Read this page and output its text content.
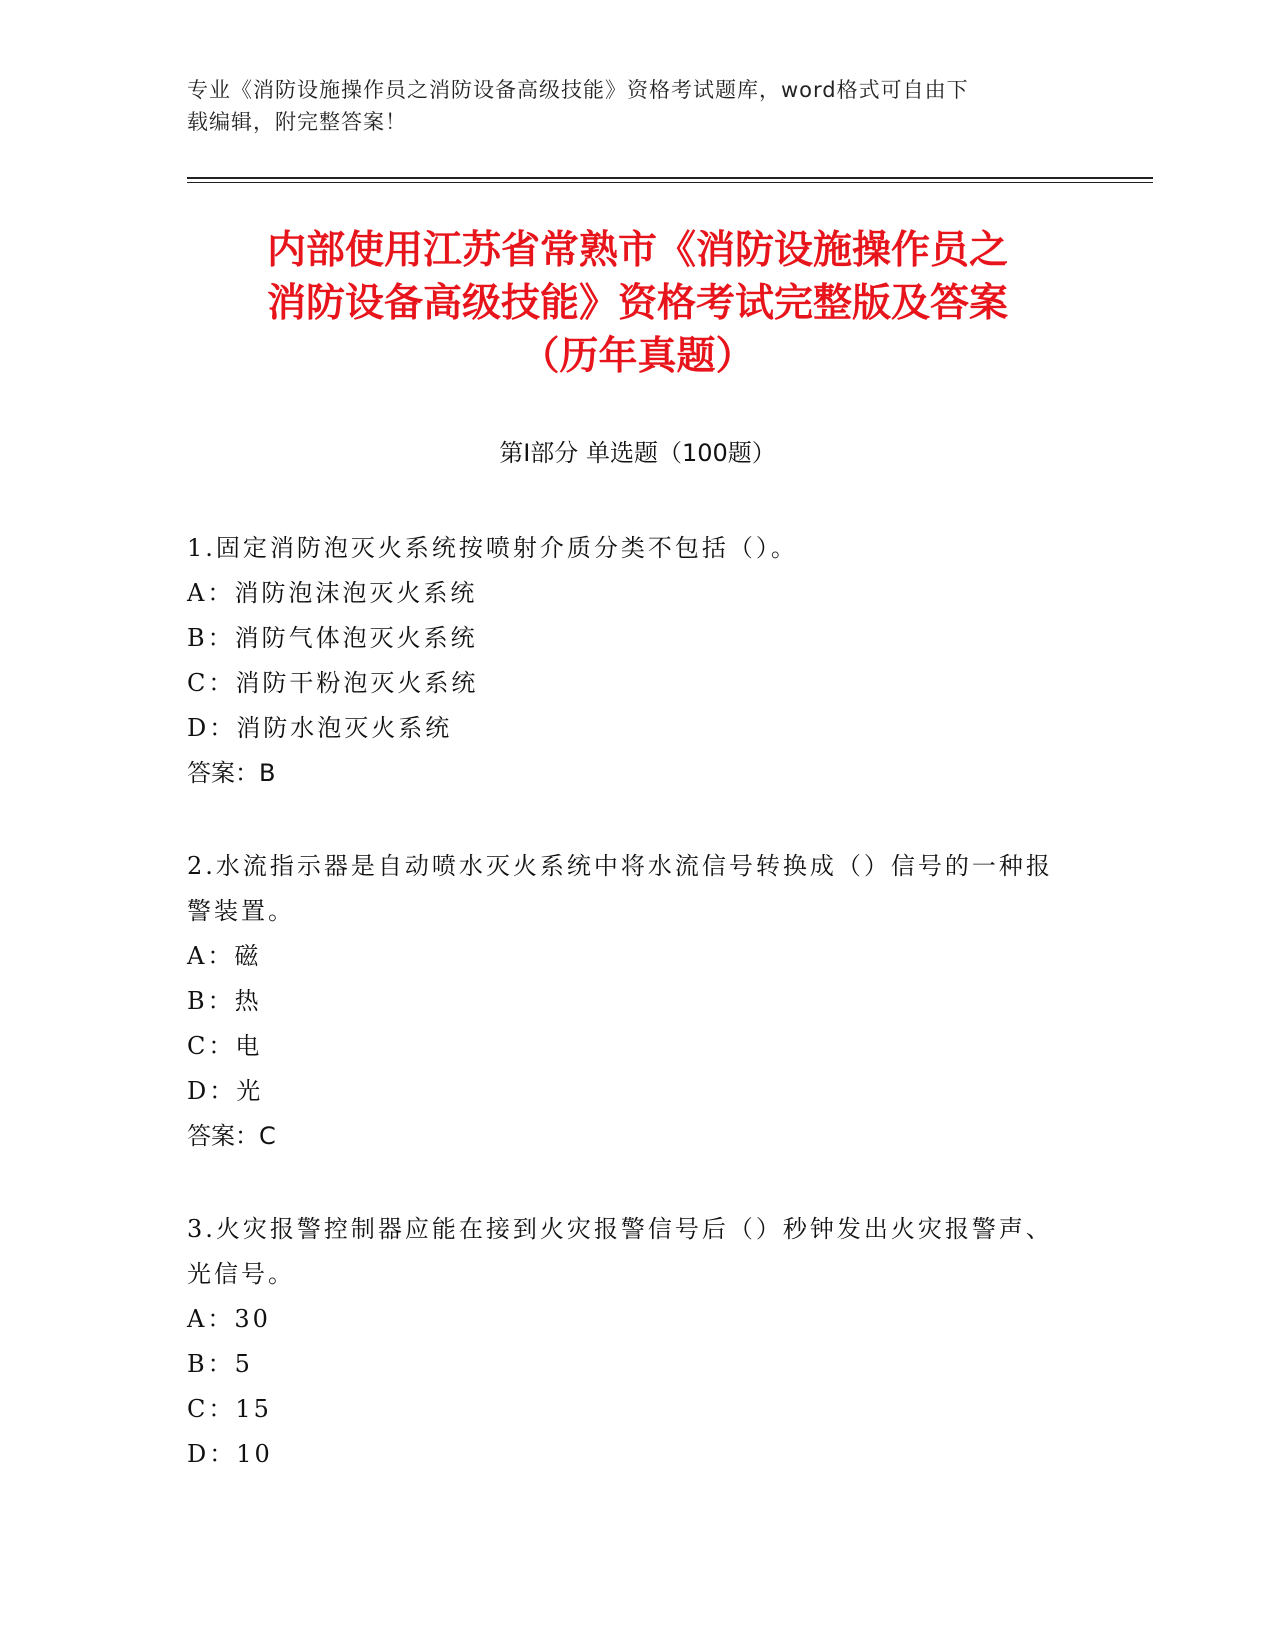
专业《消防设施操作员之消防设备高级技能》资格考试题库，word格式可自由下
载编辑，附完整答案！
内部使用江苏省常熟市《消防设施操作员之
消防设备高级技能》资格考试完整版及答案
（历年真题）
第I部分 单选题（100题）

1.固定消防泡灭火系统按喷射介质分类不包括（）。

A：消防泡沫泡灭火系统

B：消防气体泡灭火系统

C：消防干粉泡灭火系统

D：消防水泡灭火系统

答案：B

2.水流指示器是自动喷水灭火系统中将水流信号转换成（）信号的一种报警装置。

A：磁

B：热

C：电

D：光

答案：C

3.火灾报警控制器应能在接到火灾报警信号后（）秒钟发出火灾报警声、光信号。

A：30

B：5

C：15

D：10
